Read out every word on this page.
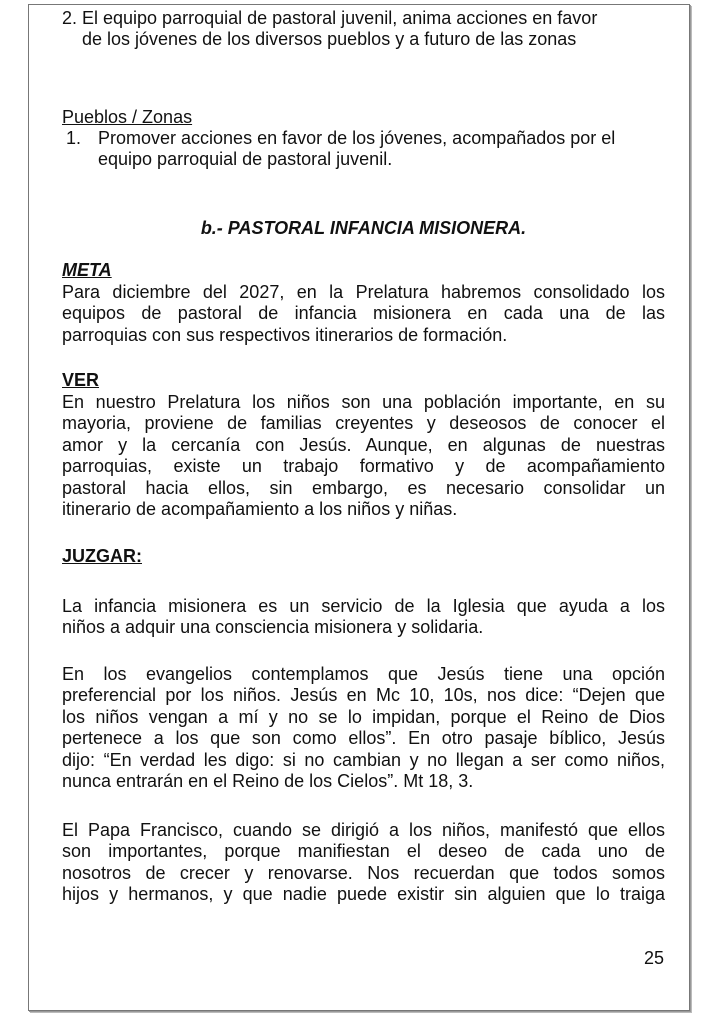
2. El equipo parroquial de pastoral juvenil, anima acciones en favor
de los jóvenes de los diversos pueblos y a futuro de las zonas
Pueblos / Zonas
1. Promover acciones en favor de los jóvenes, acompañados por el
equipo parroquial de pastoral juvenil.
b.- PASTORAL INFANCIA MISIONERA.
META
Para diciembre del 2027, en la Prelatura habremos consolidado los
equipos de pastoral de infancia misionera en cada una de las
parroquias con sus respectivos itinerarios de formación.
VER
En nuestro Prelatura los niños son una población importante, en su
mayoria, proviene de familias creyentes y deseosos de conocer el
amor y la cercanía con Jesús. Aunque, en algunas de nuestras
parroquias, existe un trabajo formativo y de acompañamiento
pastoral hacia ellos, sin embargo, es necesario consolidar un
itinerario de acompañamiento a los niños y niñas.
JUZGAR:
La infancia misionera es un servicio de la Iglesia que ayuda a los
niños a adquir una consciencia misionera y solidaria.
En los evangelios contemplamos que Jesús tiene una opción
preferencial por los niños. Jesús en Mc 10, 10s, nos dice: “Dejen que
los niños vengan a mí y no se lo impidan, porque el Reino de Dios
pertenece a los que son como ellos”. En otro pasaje bíblico, Jesús
dijo: “En verdad les digo: si no cambian y no llegan a ser como niños,
nunca entrarán en el Reino de los Cielos”. Mt 18, 3.
El Papa Francisco, cuando se dirigió a los niños, manifestó que ellos
son importantes, porque manifiestan el deseo de cada uno de
nosotros de crecer y renovarse. Nos recuerdan que todos somos
hijos y hermanos, y que nadie puede existir sin alguien que lo traiga
25
